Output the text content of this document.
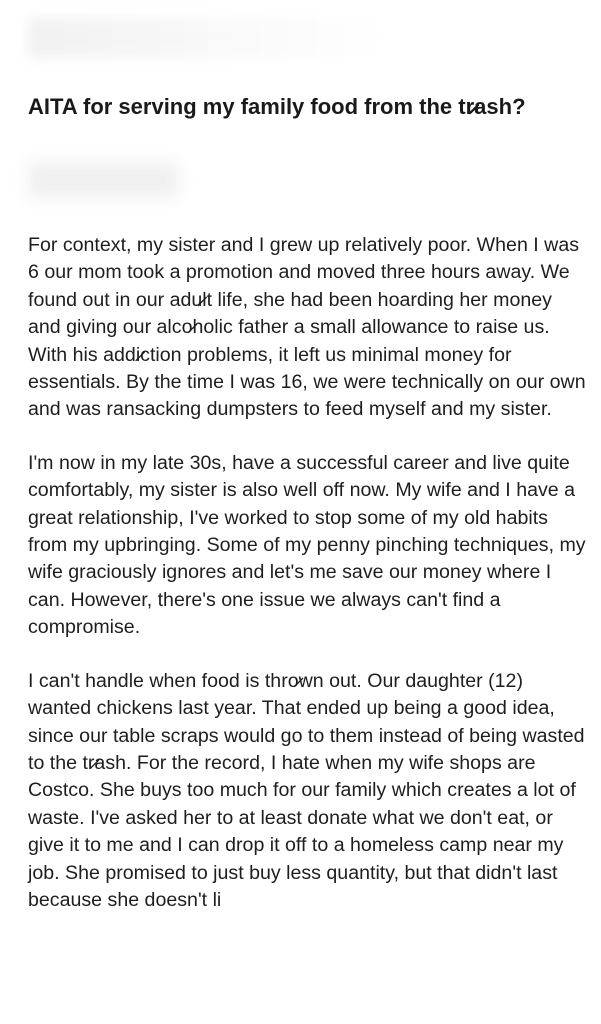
AITA for serving my family food from the tr̷ash?

For context, my sister and I grew up relatively poor. When I was 6 our mom took a promotion and moved three hours away. We found out in our adu̷lt life, she had been hoarding her money and giving our alco̷holic father a small allowance to raise us. With his addi̷ction problems, it left us minimal money for essentials. By the time I was 16, we were technically on our own and was ransacking dumpsters to feed myself and my sister.

I'm now in my late 30s, have a successful career and live quite comfortably, my sister is also well off now. My wife and I have a great relationship, I've worked to stop some of my old habits from my upbringing. Some of my penny pinching techniques, my wife graciously ignores and let's me save our money where I can. However, there's one issue we always can't find a compromise.

I can't handle when food is thro̷wn out. Our daughter (12) wanted chickens last year. That ended up being a good idea, since our table scraps would go to them instead of being wasted to the tr̷ash. For the record, I hate when my wife shops are Costco. She buys too much for our family which creates a lot of waste. I've asked her to at least donate what we don't eat, or give it to me and I can drop it off to a homeless camp near my job. She promised to just buy less quantity, but that didn't last because she doesn't li
